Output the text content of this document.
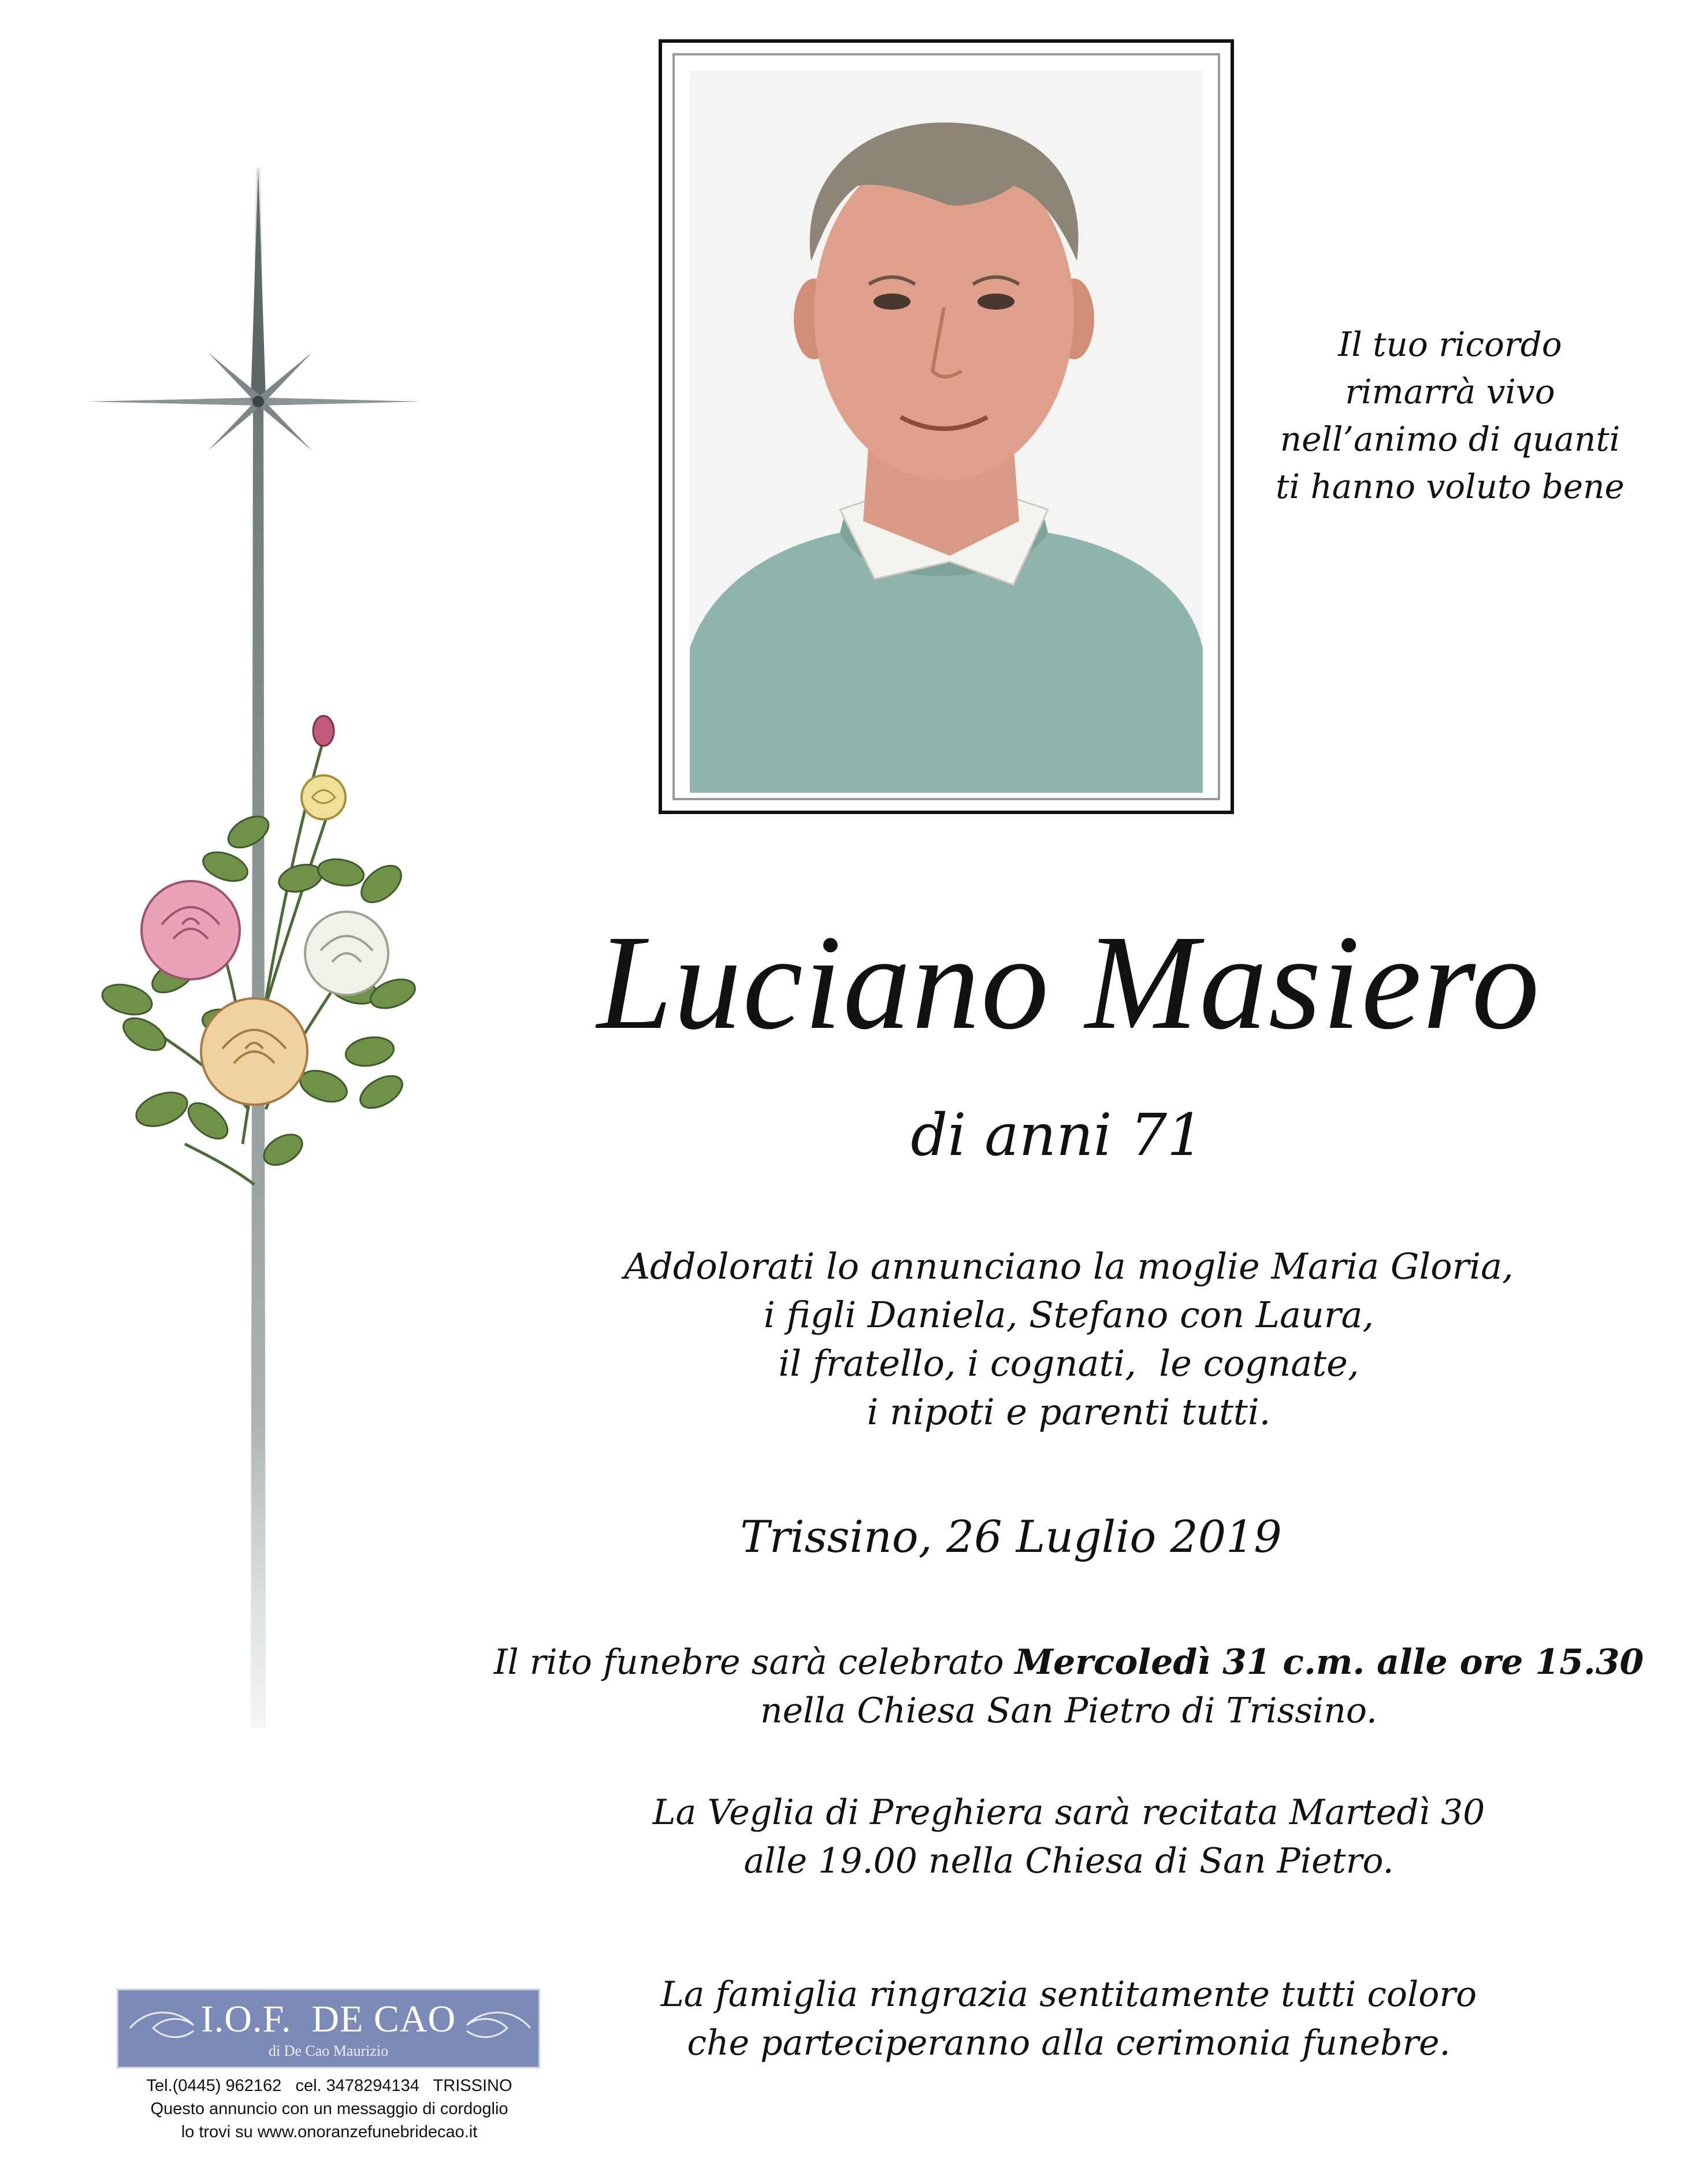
Il tuo ricordo
rimarrà vivo
nell’animo di quanti
ti hanno voluto bene
Luciano Masiero
di anni 71
Addolorati lo annunciano la moglie Maria Gloria,
i figli Daniela, Stefano con Laura,
il fratello, i cognati,  le cognate,
i nipoti e parenti tutti.
Trissino, 26 Luglio 2019
Il rito funebre sarà celebrato Mercoledì 31 c.m. alle ore 15.30
nella Chiesa San Pietro di Trissino.
La Veglia di Preghiera sarà recitata Martedì 30
alle 19.00 nella Chiesa di San Pietro.
La famiglia ringrazia sentitamente tutti coloro
che parteciperanno alla cerimonia funebre.
I.O.F.  DE CAO
di De Cao Maurizio
Tel.(0445) 962162   cel. 3478294134   TRISSINO
Questo annuncio con un messaggio di cordoglio
lo trovi su www.onoranzefunebridecao.it
